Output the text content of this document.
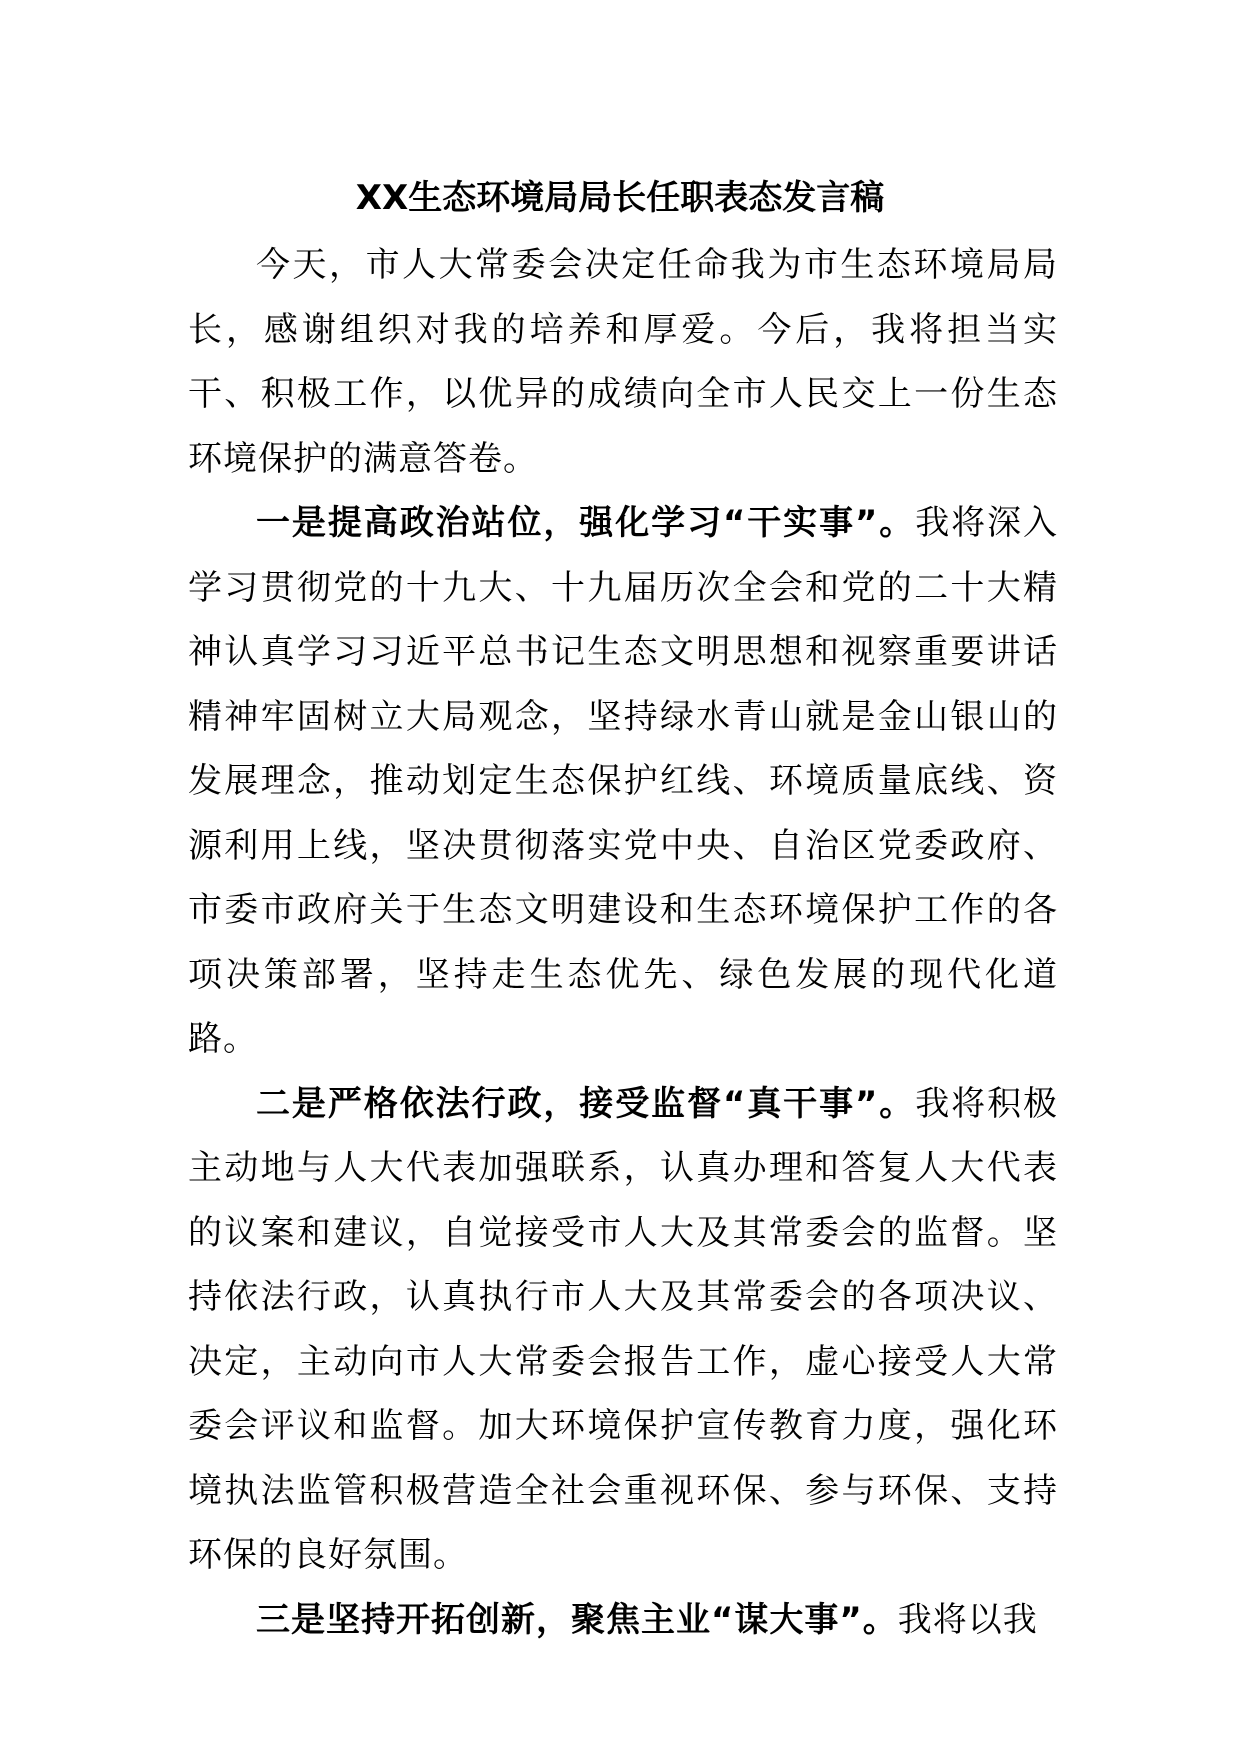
XX生态环境局局长任职表态发言稿

今天，市人大常委会决定任命我为市生态环境局局长，感谢组织对我的培养和厚爱。今后，我将担当实干、积极工作，以优异的成绩向全市人民交上一份生态环境保护的满意答卷。

一是提高政治站位，强化学习“干实事”。我将深入学习贯彻党的十九大、十九届历次全会和党的二十大精神认真学习习近平总书记生态文明思想和视察重要讲话精神牢固树立大局观念，坚持绿水青山就是金山银山的发展理念，推动划定生态保护红线、环境质量底线、资源利用上线，坚决贯彻落实党中央、自治区党委政府、市委市政府关于生态文明建设和生态环境保护工作的各项决策部署，坚持走生态优先、绿色发展的现代化道路。

二是严格依法行政，接受监督“真干事”。我将积极主动地与人大代表加强联系，认真办理和答复人大代表的议案和建议，自觉接受市人大及其常委会的监督。坚持依法行政，认真执行市人大及其常委会的各项决议、决定，主动向市人大常委会报告工作，虚心接受人大常委会评议和监督。加大环境保护宣传教育力度，强化环境执法监管积极营造全社会重视环保、参与环保、支持环保的良好氛围。

三是坚持开拓创新，聚焦主业“谋大事”。我将以我
